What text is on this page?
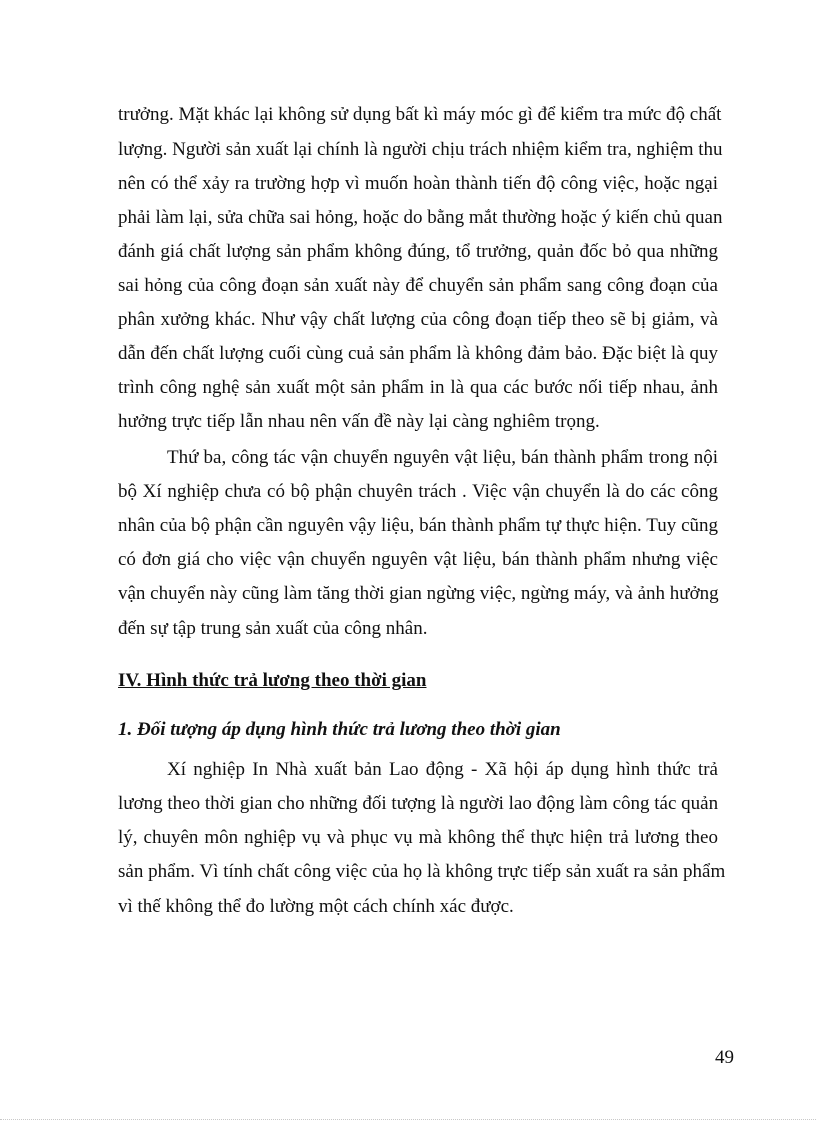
trưởng. Mặt khác lại không sử dụng bất kì máy móc gì để kiểm tra mức độ chất
lượng. Người sản xuất lại chính là người chịu trách nhiệm kiểm tra, nghiệm thu
nên có thể xảy ra trường hợp vì muốn hoàn thành tiến độ công việc, hoặc ngại
phải làm lại, sửa chữa sai hỏng, hoặc do bằng mắt thường hoặc ý kiến chủ quan
đánh giá chất lượng sản phẩm không đúng, tổ trưởng, quản đốc bỏ qua những
sai hỏng của công đoạn sản xuất này để chuyển sản phẩm sang công đoạn của
phân xưởng khác. Như vậy chất lượng của công đoạn tiếp theo sẽ bị giảm, và
dẫn đến chất lượng cuối cùng cuả sản phẩm là không đảm bảo. Đặc biệt là quy
trình công nghệ sản xuất một sản phẩm in là qua các bước nối tiếp nhau, ảnh
hưởng trực tiếp lẫn nhau nên vấn đề này lại càng nghiêm trọng.
Thứ ba, công tác vận chuyển nguyên vật liệu, bán thành phẩm trong nội
bộ Xí nghiệp chưa có bộ phận chuyên trách . Việc vận chuyển là do các công
nhân của bộ phận cần nguyên vậy liệu, bán thành phẩm tự thực hiện. Tuy cũng
có đơn giá cho việc vận chuyển nguyên vật liệu, bán thành phẩm nhưng việc
vận chuyển này cũng làm tăng thời gian ngừng việc, ngừng máy, và ảnh hưởng
đến sự tập trung sản xuất của công nhân.
IV. Hình thức trả lương theo thời gian
1. Đối tượng áp dụng hình thức trả lương theo thời gian
Xí nghiệp In Nhà xuất bản Lao động - Xã hội áp dụng hình thức trả
lương theo thời gian cho những đối tượng là người lao động làm công tác quản
lý, chuyên môn nghiệp vụ và phục vụ mà không thể thực hiện trả lương theo
sản phẩm. Vì tính chất công việc của họ là không trực tiếp sản xuất ra sản phẩm
vì thế không thể đo lường một cách chính xác được.
49
